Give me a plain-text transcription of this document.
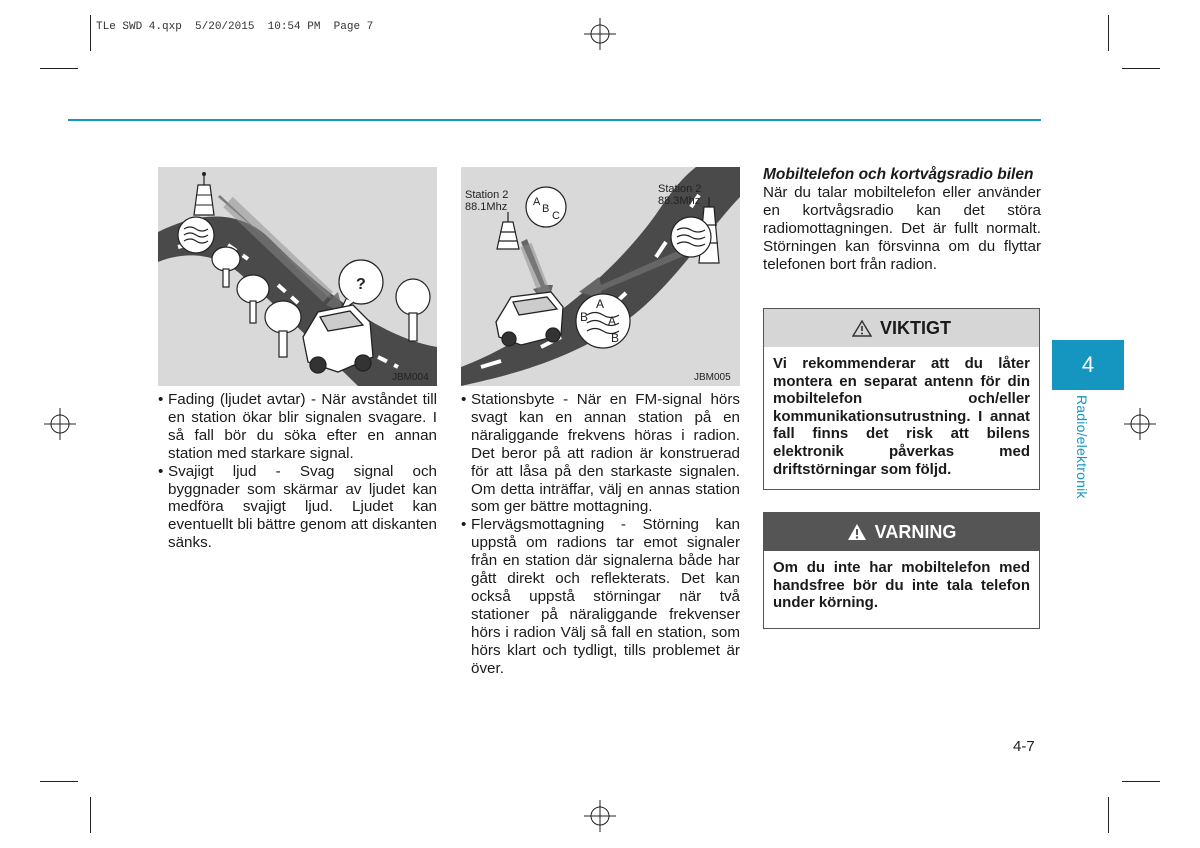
TLe SWD 4.qxp  5/20/2015  10:54 PM  Page 7
?
JBM004
Station 2
88.1Mhz
Station 2
88.3Mhz
A
B
C
A
B A
B
JBM005
• Fading (ljudet avtar) - När avståndet till en station ökar blir signalen svagare. I så fall bör du söka efter en annan station med starkare signal.
• Svajigt ljud - Svag signal och byggnader som skärmar av ljudet kan medföra svajigt ljud. Ljudet kan eventuellt bli bättre genom att diskanten sänks.
• Stationsbyte - När en FM-signal hörs svagt kan en annan station på en näraliggande frekvens höras i radion. Det beror på att radion är konstruerad för att låsa på den starkaste signalen. Om detta inträffar, välj en annas station som ger bättre mottagning.
• Flervägsmottagning - Störning kan uppstå om radions tar emot signaler från en station där signalerna både har gått direkt och reflekterats. Det kan också uppstå störningar när två stationer på näraliggande frekvenser hörs i radion Välj så fall en station, som hörs klart och tydligt, tills problemet är över.
Mobiltelefon och kortvågsradio bilen

När du talar mobiltelefon eller använder en kortvågsradio kan det störa radiomottagningen. Det är fullt normalt. Störningen kan försvinna om du flyttar telefonen bort från radion.

VIKTIGT
Vi rekommenderar att du låter montera en separat antenn för din mobiltelefon och/eller kommunikationsutrustning. I annat fall finns det risk att bilens elektronik påverkas med driftstörningar som följd.
VARNING
Om du inte har mobiltelefon med handsfree bör du inte tala telefon under körning.
4
Radio/elektronik
4-7
